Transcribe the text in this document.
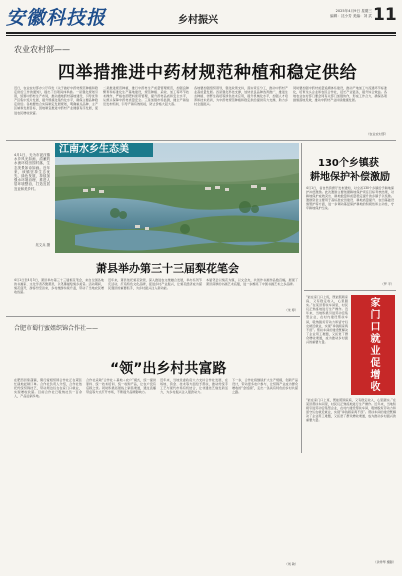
安徽科技报	乡村振兴
2025年4月9日 星期三
编辑：沈小芳 美编：刘 武 11
农业农村部——
四举措推进中药材规范种植和稳定供给
近日，农业农村部办公厅印发《关于做好中药材规范种植和稳定供给工作的通知》，提出了四项具体举措。一是强化规划引领，统筹中药材生产布局，推动道地药材基地建设，引导优势产区集中连片发展，提升规模化集约化水平，确保主要品种稳定供给。各地要结合实际制定发展规划，明确重点品种、主产区域和发展目标，因地制宜推进中药材产业健康有序发展，促进农民增收致富。
二是推进规范种植，推行中药材生产质量管理规范，加强良种繁育和标准化生产基地建设，规范种植、采收、加工等环节技术操作，严格农药肥料使用管理，提升药材品质和安全水平，从源头保障中药材质量安全。三是加强市场监测，健全产销信息发布机制，引导产销有效衔接，防止价格大起大落。
各地要加强组织领导，强化政策支持，落实责任分工，推动中药材产业高质量发展。四是强化科技支撑，加快优良品种选育推广，推进生态种植、仿野生栽培等绿色技术应用，提升机械化水平，加强人才培养和技术培训，为中药材规范种植和稳定供给提供有力支撑，助力乡村全面振兴。
同时要加强中药材质量追溯体系建设，推动产地加工与流通环节标准化，培育龙头企业和农民合作社，延长产业链条，提升综合效益。各地农业农村部门要会同有关部门加强协作，形成工作合力，确保各项措施落地见效，推动中药材产业持续健康发展。
（农业农村部）
江南水乡生态美
4月1日，无为市泥汊镇水乡风光如画，清澈的水流环绕田园村落，生态美景如诗如画。近年来，该镇坚持生态优先、绿色发展，持续加强水环境治理，推进人居环境整治，打造宜居宜业和美乡村。
吴文兵 摄
萧县举办第三十三届梨花笔会
4月1日至4月3日，萧县举办第三十三届梨花笔会，来自全国各地的书画家、文化学者齐聚萧县，以笔墨描绘梨乡美景。活动期间，梨花盛开，游客纷至沓来，乡村旅游持续升温，带动了当地农民增收致富。
近年来，萧县依托梨花资源，深入推进农文旅融合发展，举办系列节庆活动，打造特色文化品牌，促进乡村产业振兴，让梨花经济成为富民强县的重要抓手，为乡村振兴注入新动能。
本届笔会以梨花为媒，以文会友，共创作书画作品数百幅，展现了萧县深厚的书画艺术底蕴，进一步擦亮了中国书画艺术之乡品牌。
（朱 婷）
合肥市蜀行蜜姐织锦合作社——
“领”出乡村共富路
在肥西县紫蓬镇，蜀行蜜姐织锦合作社正在紧张忙碌地赶制订单。合作社负责人介绍，合作社依托传统织锦技艺，带动周边妇女在家门口就业，实现增收致富。目前合作社已吸纳社员一百余人，产品远销多地。
合作社采取“合作社＋基地＋农户”模式，统一提供原料、统一技术培训、统一收购产品，让农户没有后顾之忧。同时积极拓展线上销售渠道，通过直播带货等方式打开市场，不断提升品牌影响力。
近年来，当地党委政府大力支持合作社发展，在场地、资金、技术等方面给予帮扶，推动传统手工艺与现代市场有机结合，让非遗技艺焕发新活力，为乡村振兴注入强劲动力。
下一步，合作社将继续扩大生产规模，创新产品设计，带动更多农户参与，让织锦产业成为群众增收的“金饭碗”，走出一条具有特色的乡村共富之路。
（刘 敏）
130个乡镇获
耕地保护补偿激励
4月1日，省自然资源厅发布通知，对全省130个乡镇给予耕地保护补偿激励。此次激励主要依据耕地保护责任目标考核结果，对耕地保护成效突出、耕地数量和质量稳定提升的乡镇予以奖励。激励资金主要用于高标准农田建设、耕地质量提升、农田基础设施管护等方面，进一步调动基层保护耕地的积极性和主动性，守牢耕地保护红线。
（罗 平）
家门口就业促增收
“能在家门口上班，既能照顾家庭，又有稳定收入，心里踏实。”在某县帮扶车间里，村民们正熟练地进行生产操作。近年来，当地积极引进劳动密集型企业，在村内建设帮扶车间，吸纳脱贫劳动力和留守妇女就近就业，实现“挣钱顾家两不误”。帮扶车间的建设既解决了企业用工难题，又拓宽了群众增收渠道，成为推动乡村振兴的重要力量。
“能在家门口上班，既能照顾家庭，又有稳定收入，心里踏实。”在某县帮扶车间里，村民们正熟练地进行生产操作。近年来，当地积极引进劳动密集型企业，在村内建设帮扶车间，吸纳脱贫劳动力和留守妇女就近就业，实现“挣钱顾家两不误”。帮扶车间的建设既解决了企业用工难题，又拓宽了群众增收渠道，成为推动乡村振兴的重要力量。
（余秀琴 摄影）
